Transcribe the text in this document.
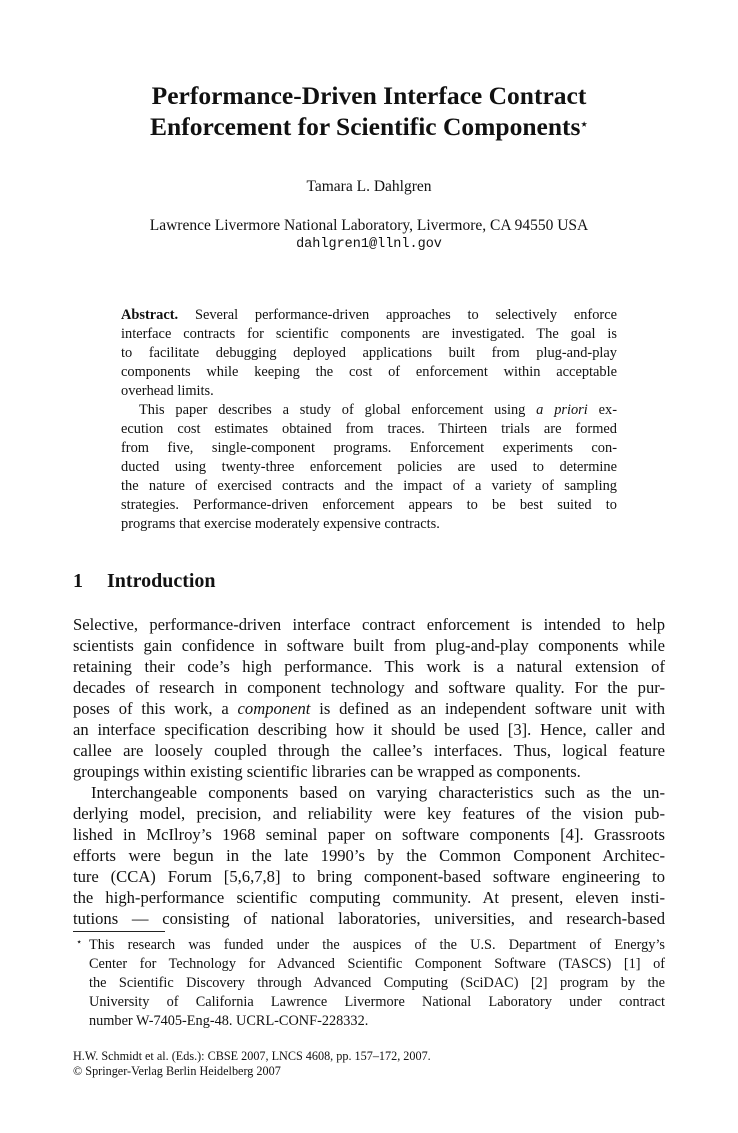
Performance-Driven Interface Contract
Enforcement for Scientific Components⋆
Tamara L. Dahlgren
Lawrence Livermore National Laboratory, Livermore, CA 94550 USA
dahlgren1@llnl.gov
Abstract. Several performance-driven approaches to selectively enforce
interface contracts for scientific components are investigated. The goal is
to facilitate debugging deployed applications built from plug-and-play
components while keeping the cost of enforcement within acceptable
overhead limits.
This paper describes a study of global enforcement using a priori ex-
ecution cost estimates obtained from traces. Thirteen trials are formed
from five, single-component programs. Enforcement experiments con-
ducted using twenty-three enforcement policies are used to determine
the nature of exercised contracts and the impact of a variety of sampling
strategies. Performance-driven enforcement appears to be best suited to
programs that exercise moderately expensive contracts.
1 Introduction
Selective, performance-driven interface contract enforcement is intended to help
scientists gain confidence in software built from plug-and-play components while
retaining their code’s high performance. This work is a natural extension of
decades of research in component technology and software quality. For the pur-
poses of this work, a component is defined as an independent software unit with
an interface specification describing how it should be used [3]. Hence, caller and
callee are loosely coupled through the callee’s interfaces. Thus, logical feature
groupings within existing scientific libraries can be wrapped as components.
Interchangeable components based on varying characteristics such as the un-
derlying model, precision, and reliability were key features of the vision pub-
lished in McIlroy’s 1968 seminal paper on software components [4]. Grassroots
efforts were begun in the late 1990’s by the Common Component Architec-
ture (CCA) Forum [5,6,7,8] to bring component-based software engineering to
the high-performance scientific computing community. At present, eleven insti-
tutions — consisting of national laboratories, universities, and research-based
⋆ This research was funded under the auspices of the U.S. Department of Energy’s
Center for Technology for Advanced Scientific Component Software (TASCS) [1] of
the Scientific Discovery through Advanced Computing (SciDAC) [2] program by the
University of California Lawrence Livermore National Laboratory under contract
number W-7405-Eng-48. UCRL-CONF-228332.
H.W. Schmidt et al. (Eds.): CBSE 2007, LNCS 4608, pp. 157–172, 2007.
© Springer-Verlag Berlin Heidelberg 2007
